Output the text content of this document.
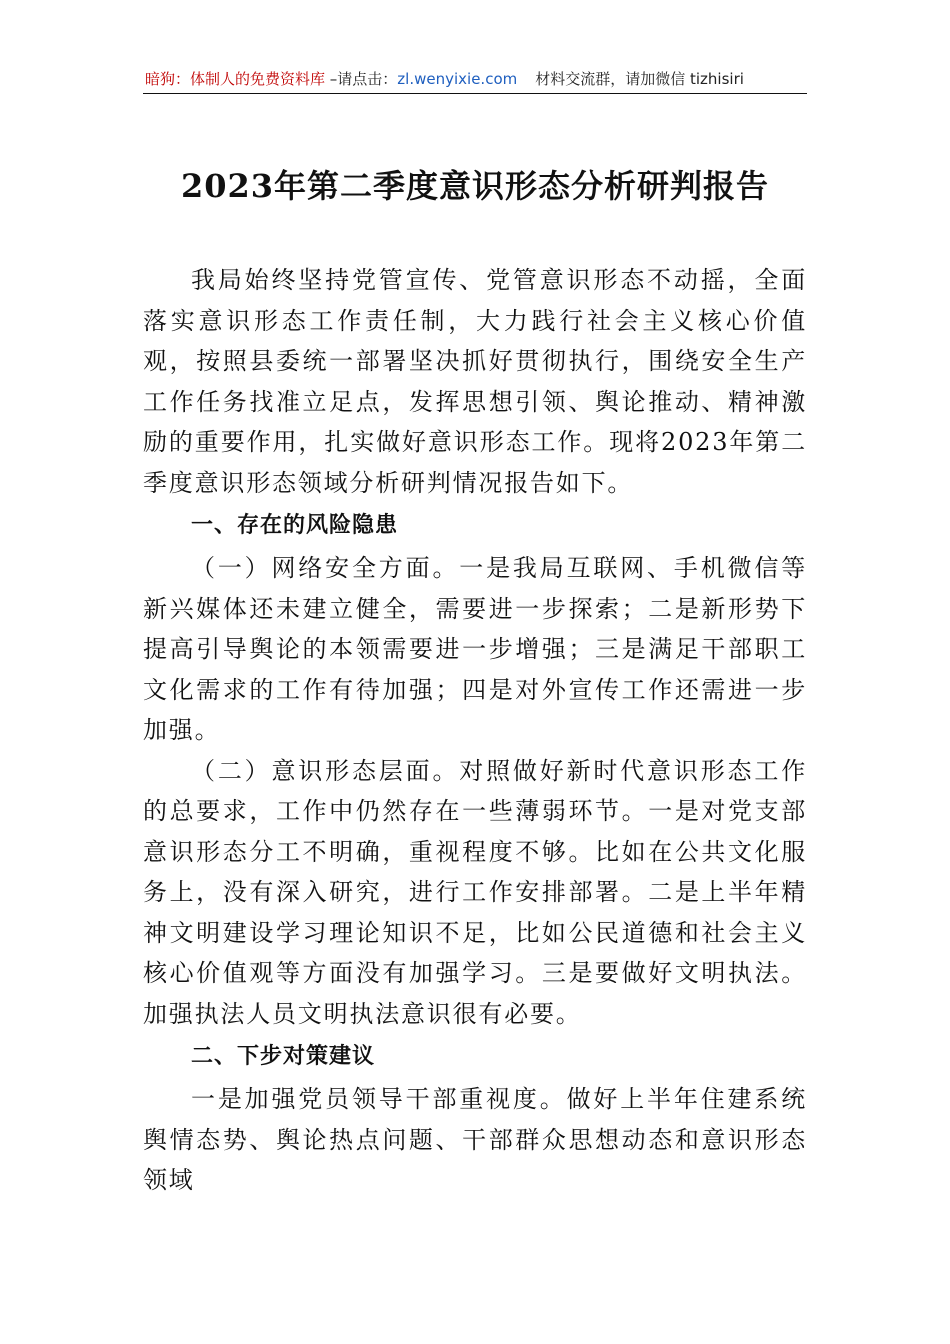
暗狗：体制人的免费资料库 –请点击：zl.wenyixie.com 材料交流群，请加微信 tizhisiri
2023年第二季度意识形态分析研判报告

我局始终坚持党管宣传、党管意识形态不动摇，全面落实意识形态工作责任制，大力践行社会主义核心价值观，按照县委统一部署坚决抓好贯彻执行，围绕安全生产工作任务找准立足点，发挥思想引领、舆论推动、精神激励的重要作用，扎实做好意识形态工作。现将2023年第二季度意识形态领域分析研判情况报告如下。

一、存在的风险隐患

（一）网络安全方面。一是我局互联网、手机微信等新兴媒体还未建立健全，需要进一步探索；二是新形势下提高引导舆论的本领需要进一步增强；三是满足干部职工文化需求的工作有待加强；四是对外宣传工作还需进一步加强。

（二）意识形态层面。对照做好新时代意识形态工作的总要求，工作中仍然存在一些薄弱环节。一是对党支部意识形态分工不明确，重视程度不够。比如在公共文化服务上，没有深入研究，进行工作安排部署。二是上半年精神文明建设学习理论知识不足，比如公民道德和社会主义核心价值观等方面没有加强学习。三是要做好文明执法。加强执法人员文明执法意识很有必要。

二、下步对策建议

一是加强党员领导干部重视度。做好上半年住建系统舆情态势、舆论热点问题、干部群众思想动态和意识形态领域
